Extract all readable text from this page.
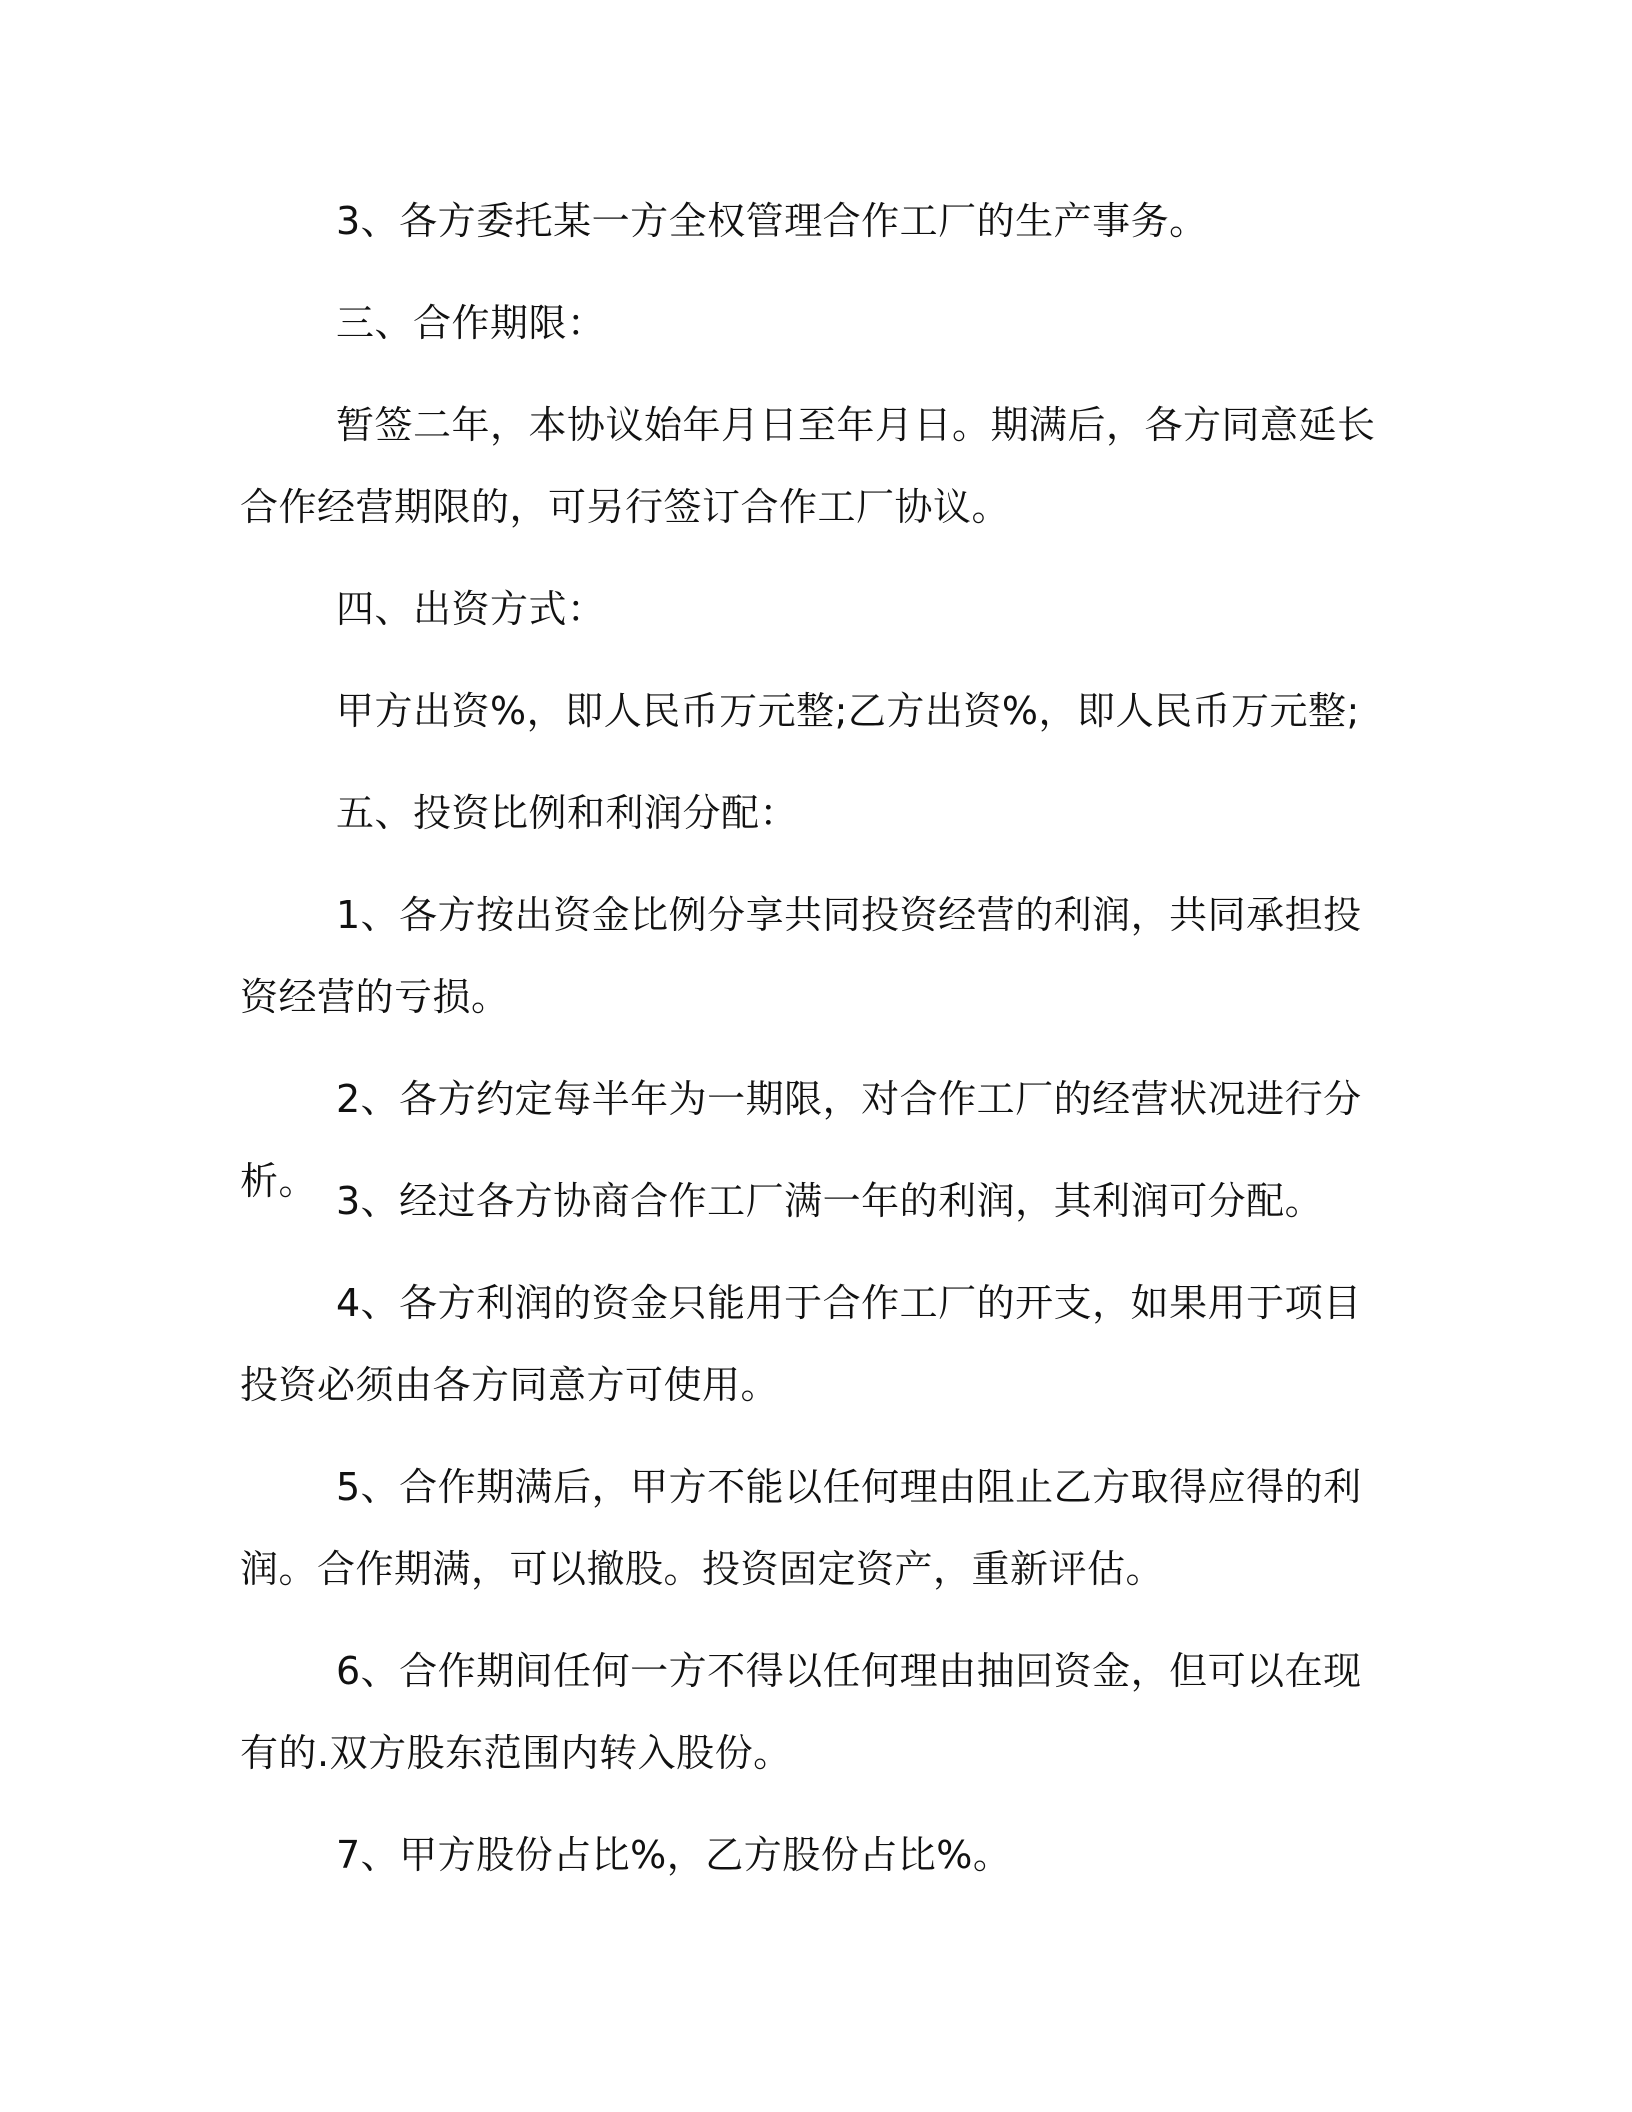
3、各方委托某一方全权管理合作工厂的生产事务。

三、合作期限：

暂签二年，本协议始年月日至年月日。期满后，各方同意延长合作经营期限的，可另行签订合作工厂协议。

四、出资方式：

甲方出资%，即人民币万元整;乙方出资%，即人民币万元整;

五、投资比例和利润分配：

1、各方按出资金比例分享共同投资经营的利润，共同承担投资经营的亏损。

2、各方约定每半年为一期限，对合作工厂的经营状况进行分析。 3、经过各方协商合作工厂满一年的利润，其利润可分配。

4、各方利润的资金只能用于合作工厂的开支，如果用于项目投资必须由各方同意方可使用。

5、合作期满后，甲方不能以任何理由阻止乙方取得应得的利润。合作期满，可以撤股。投资固定资产，重新评估。

6、合作期间任何一方不得以任何理由抽回资金，但可以在现有的.双方股东范围内转入股份。

7、甲方股份占比%，乙方股份占比%。
